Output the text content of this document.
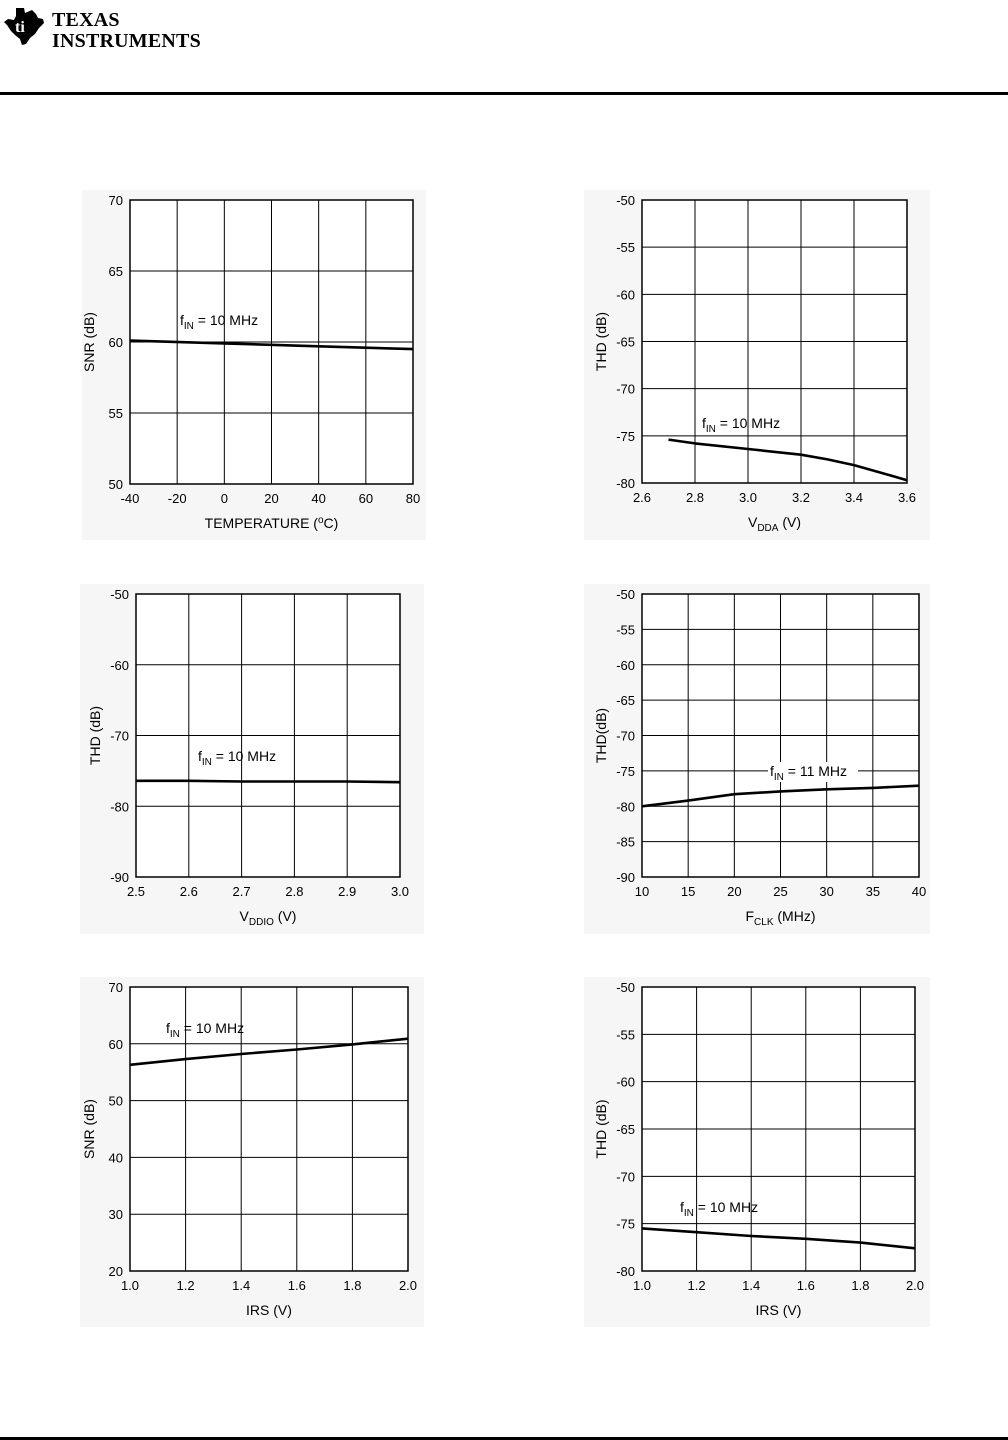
ti TEXAS
INSTRUMENTS
-40 -20	0	20	40	60	80
70
65
60
55
50
TEMPERATURE ($^o$C)
SNR (dB)	$f_{IN} = 10$ MHz
2.6	2.8	3.0	3.2	3.4	3.6
-50
-55
-60
-65
-70
-75
-80
$V_{DDA}$ (V)
THD (dB)
$f_{IN} = 10$ MHz
2.5	2.6	2.7	2.8	2.9	3.0
-50
-60
-70
-80
-90
$V_{DDIO}$ (V)
THD (dB)	$f_{IN} = 10$ MHz
10 15 20 25 30 35 40
-50
-55
-60
-65
-70
-75
-80
-85
-90
$F_{CLK}$ (MHz)
THD(dB)
$f_{IN} = 11$ MHz
1.0	1.2	1.4	1.6	1.8	2.0
70
60
50
40
30
20
IRS (V)
SNR (dB)
$f_{IN} = 10$ MHz
1.0	1.2	1.4	1.6	1.8	2.0
-50
-55
-60
-65
-70
-75
-80
IRS (V)
THD (dB)
$f_{IN} = 10$ MHz
